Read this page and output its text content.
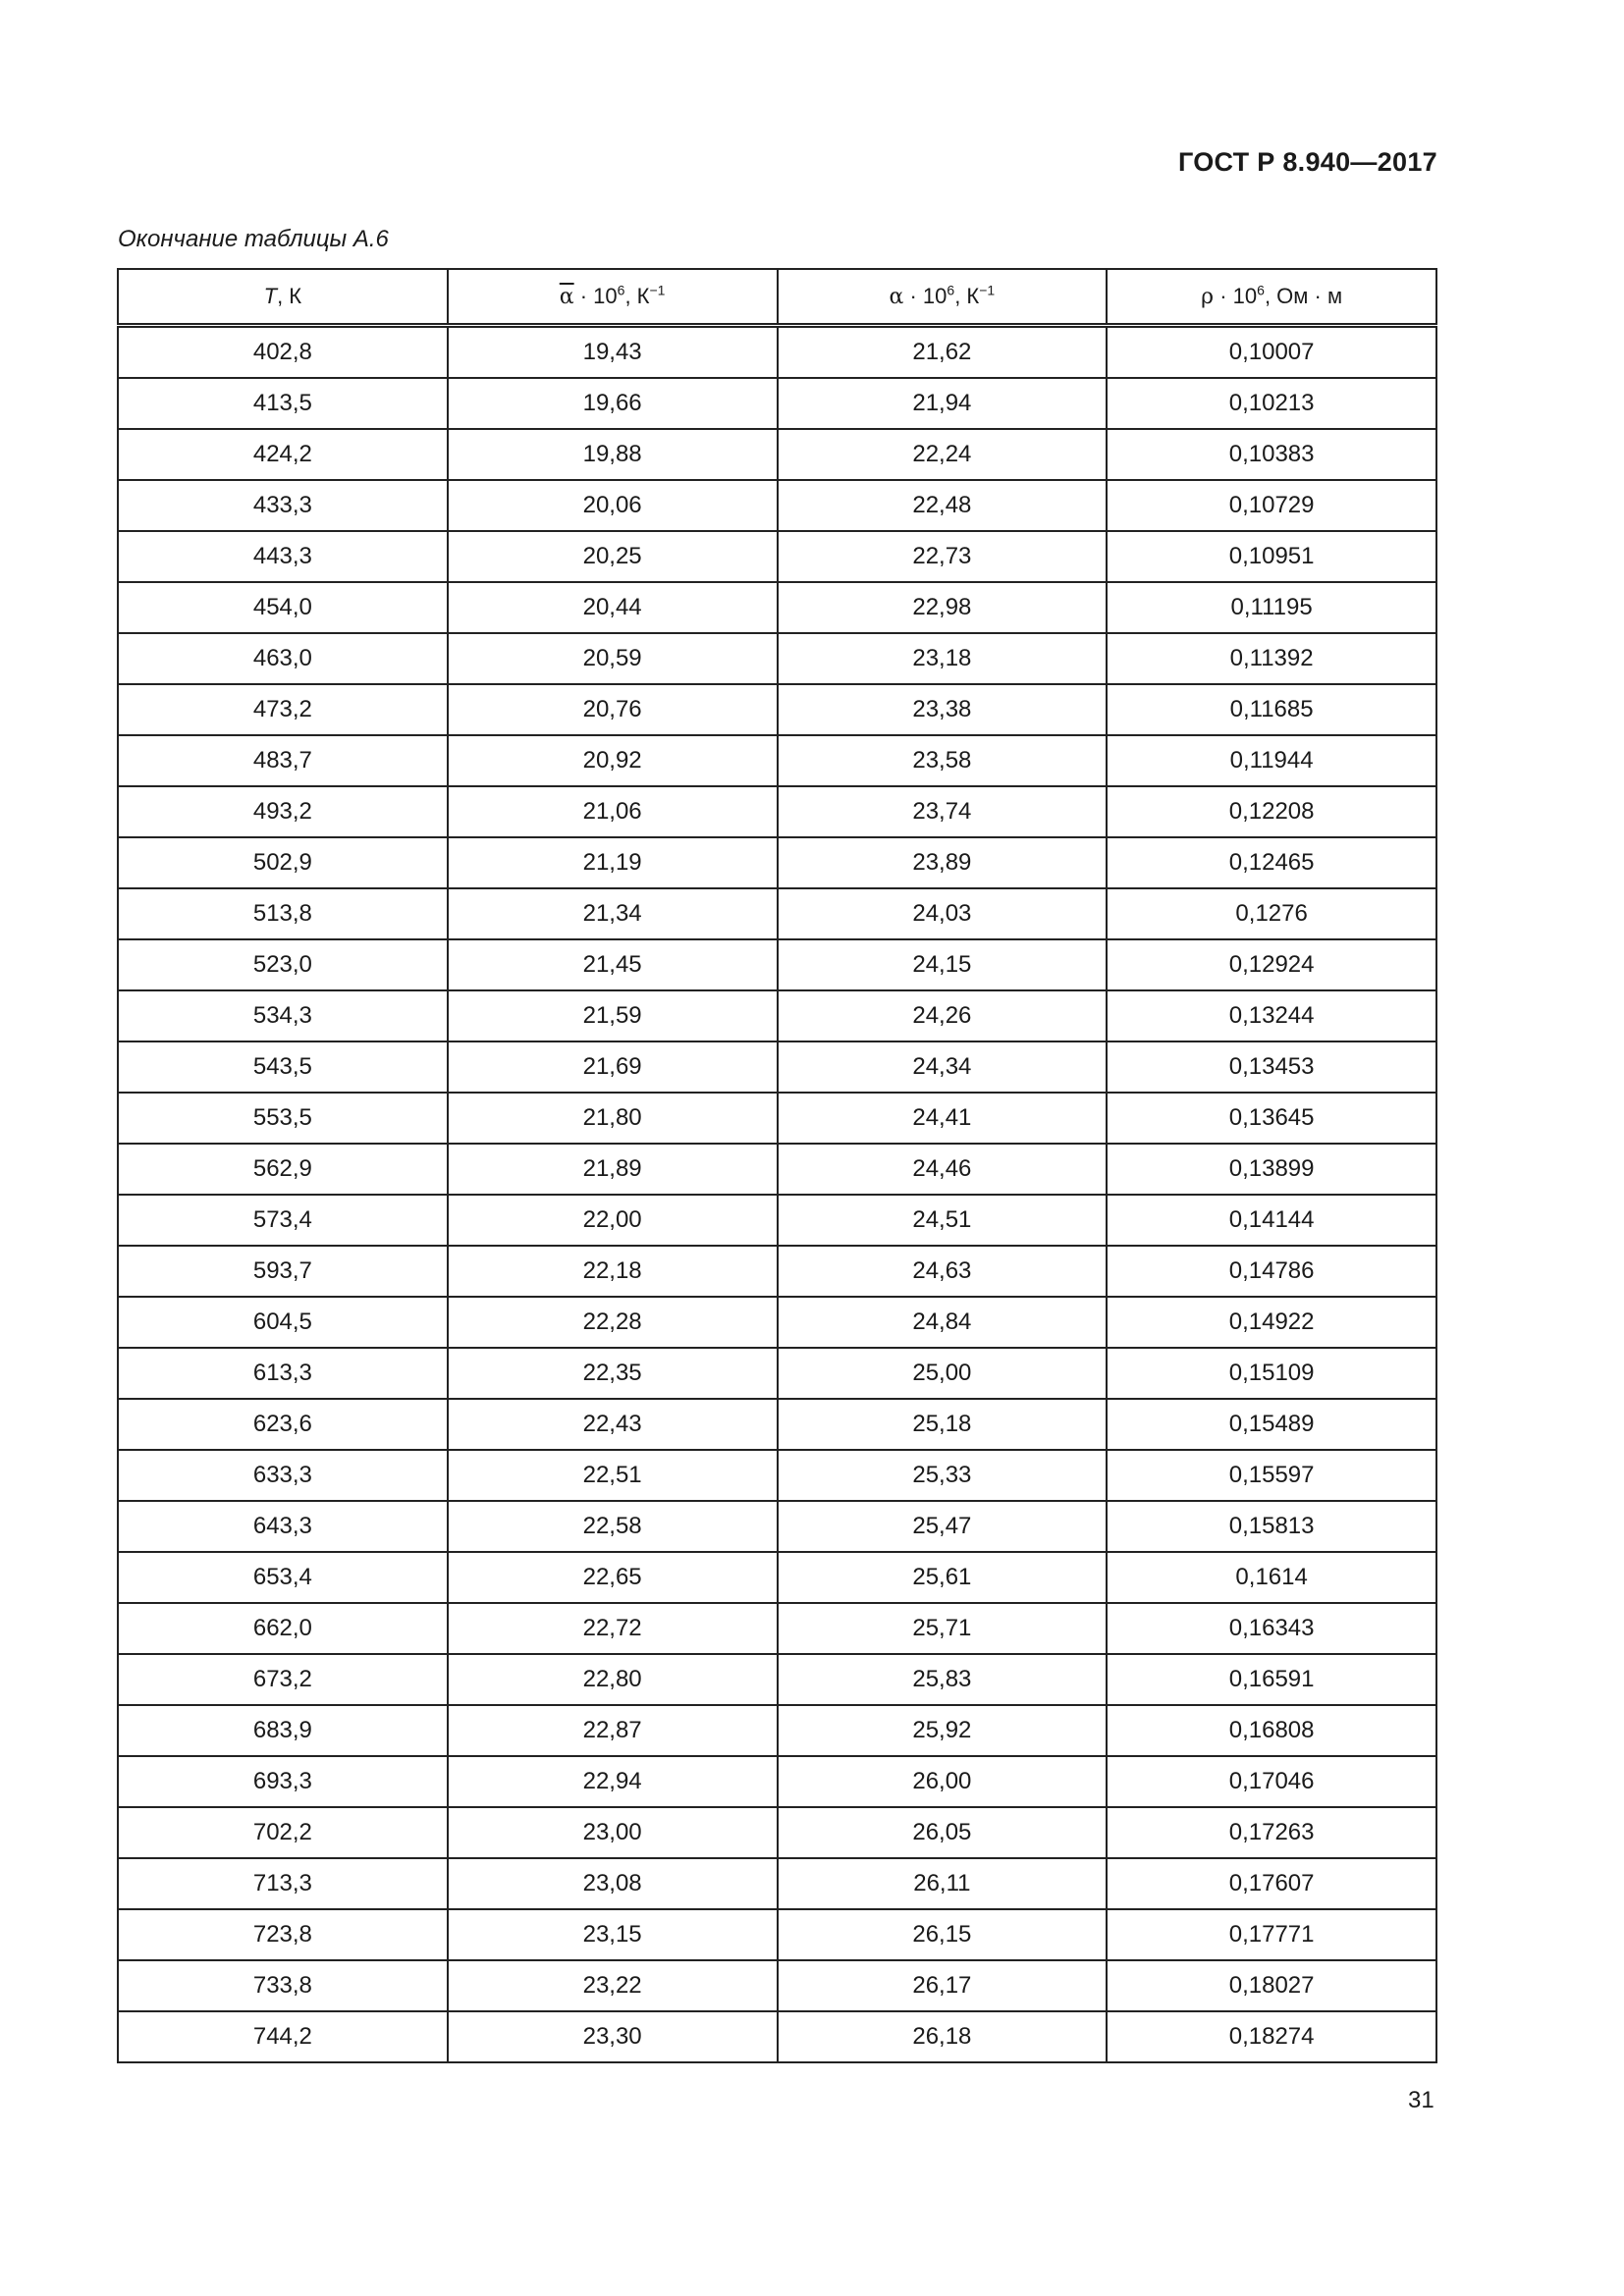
ГОСТ Р 8.940—2017
Окончание таблицы А.6
T, К	$\overline{\alpha} \cdot 10^6$, $К^{-1}$	$\alpha \cdot 10^6$, $К^{-1}$	$\rho \cdot 10^6$, Ом · м
402,8	19,43	21,62	0,10007
413,5	19,66	21,94	0,10213
424,2	19,88	22,24	0,10383
433,3	20,06	22,48	0,10729
443,3	20,25	22,73	0,10951
454,0	20,44	22,98	0,11195
463,0	20,59	23,18	0,11392
473,2	20,76	23,38	0,11685
483,7	20,92	23,58	0,11944
493,2	21,06	23,74	0,12208
502,9	21,19	23,89	0,12465
513,8	21,34	24,03	0,1276
523,0	21,45	24,15	0,12924
534,3	21,59	24,26	0,13244
543,5	21,69	24,34	0,13453
553,5	21,80	24,41	0,13645
562,9	21,89	24,46	0,13899
573,4	22,00	24,51	0,14144
593,7	22,18	24,63	0,14786
604,5	22,28	24,84	0,14922
613,3	22,35	25,00	0,15109
623,6	22,43	25,18	0,15489
633,3	22,51	25,33	0,15597
643,3	22,58	25,47	0,15813
653,4	22,65	25,61	0,1614
662,0	22,72	25,71	0,16343
673,2	22,80	25,83	0,16591
683,9	22,87	25,92	0,16808
693,3	22,94	26,00	0,17046
702,2	23,00	26,05	0,17263
713,3	23,08	26,11	0,17607
723,8	23,15	26,15	0,17771
733,8	23,22	26,17	0,18027
744,2	23,30	26,18	0,18274
31
